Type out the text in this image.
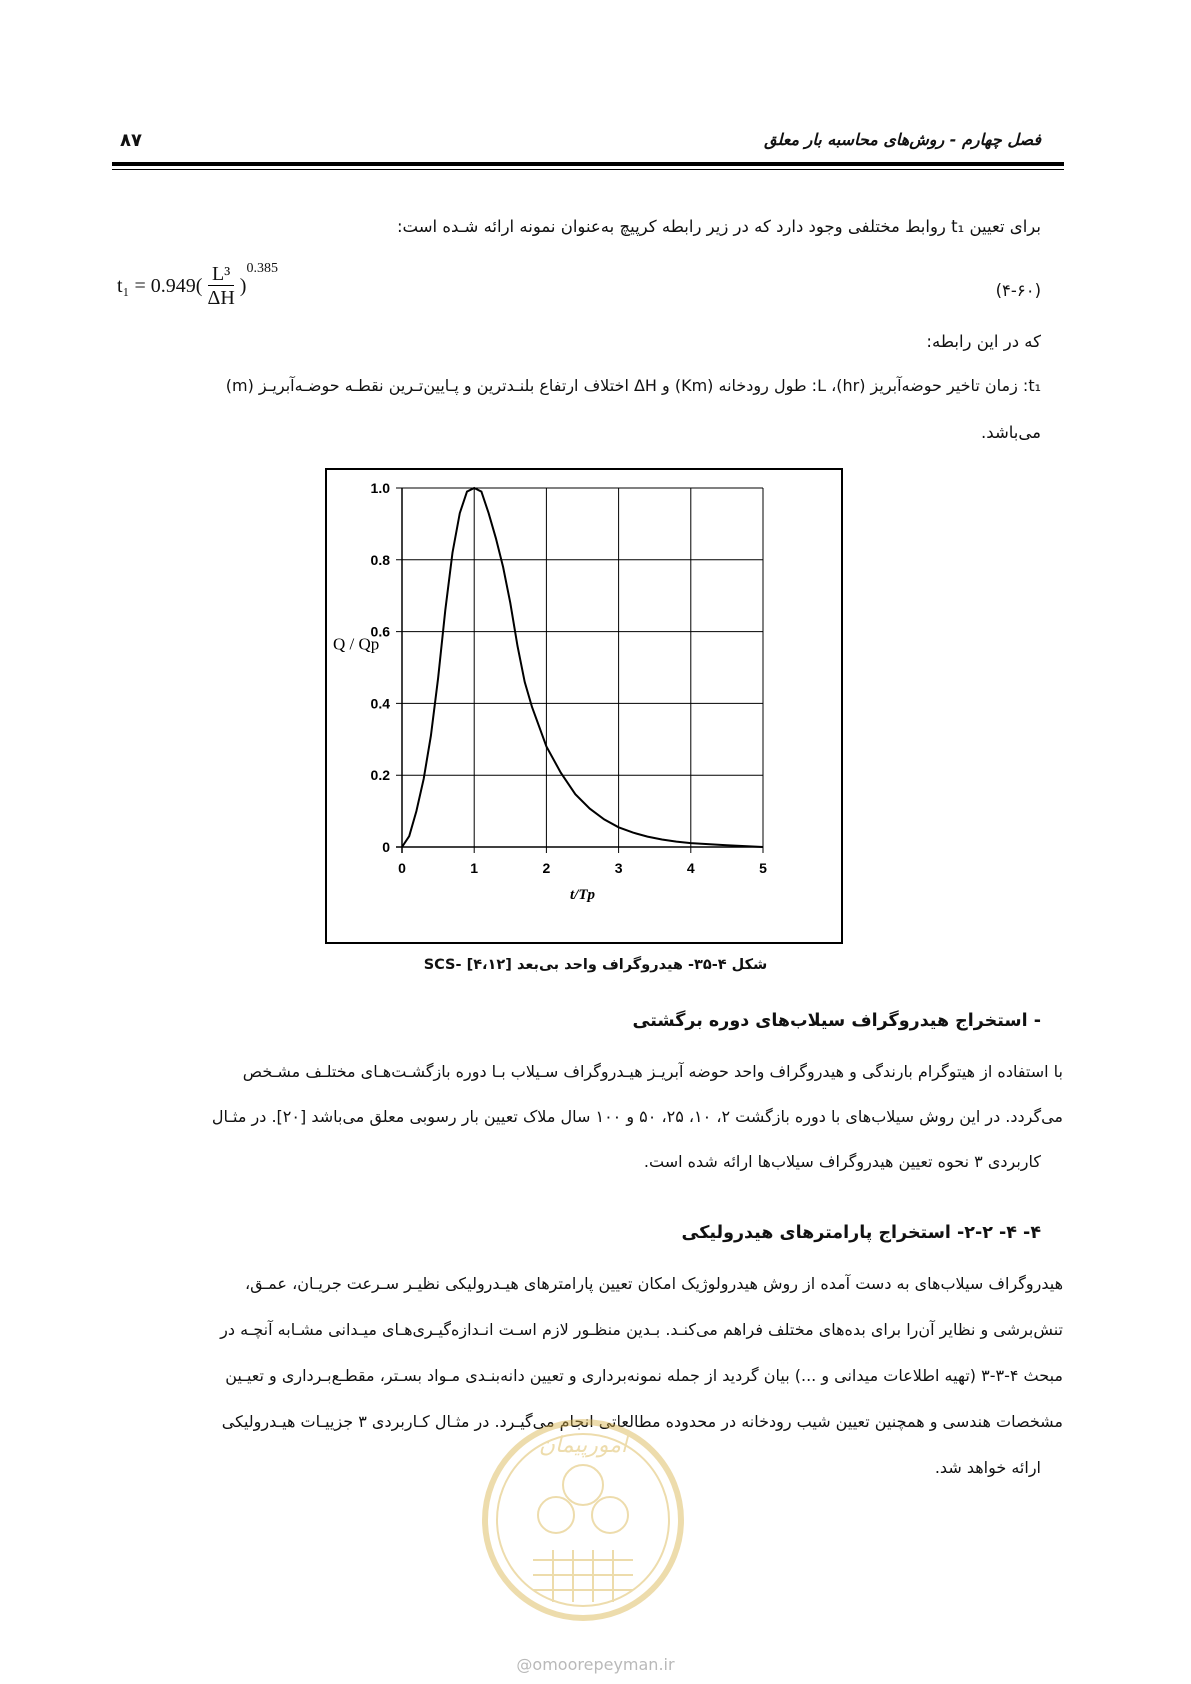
فصل چهارم - روش‌های محاسبه بار معلق
۸۷
برای تعیین t₁ روابط مختلفی وجود دارد که در زیر رابطه کرپیچ به‌عنوان نمونه ارائه شـده است:
$t_1 = 0.949( \frac{\text{L³}}{\Delta H}$ )
$^{0.385}$
(۴-۶۰)
که در این رابطه:
t₁: زمان تاخیر حوضه‌آبریز (hr)، L: طول رودخانه (Km) و ΔH اختلاف ارتفاع بلنـدترین و پـایین‌تـرین نقطـه حوضـه‌آبریـز (m)
می‌باشد.
0
0.2
0.4
0.6
0.8
1.0
0	1	2	3	4	5
Q / Qp
t/Tp
شکل ۴-۳۵- هیدروگراف واحد بی‌بعد SCS- [۴،۱۲]
- استخراج هیدروگراف سیلاب‌های دوره برگشتی
با استفاده از هیتوگرام بارندگی و هیدروگراف واحد حوضه آبریـز هیـدروگراف سـیلاب بـا دوره بازگشـت‌هـای مختلـف مشـخص
می‌گردد. در این روش سیلاب‌های با دوره بازگشت ۲، ۱۰، ۲۵، ۵۰ و ۱۰۰ سال ملاک تعیین بار رسوبی معلق می‌باشد [۲۰]. در مثـال
کاربردی ۳ نحوه تعیین هیدروگراف سیلاب‌ها ارائه شده است.
۴- ۴- ۲-۲- استخراج پارامترهای هیدرولیکی
هیدروگراف سیلاب‌های به دست آمده از روش هیدرولوژیک امکان تعیین پارامترهای هیـدرولیکی نظیـر سـرعت جریـان، عمـق،
تنش‌برشی و نظایر آن‌را برای بده‌های مختلف فراهم می‌کنـد. بـدین منظـور لازم اسـت انـدازه‌گیـری‌هـای میـدانی مشـابه آنچـه در
مبحث ۴-۳-۳ (تهیه اطلاعات میدانی و ...) بیان گردید از جمله نمونه‌برداری و تعیین دانه‌بنـدی مـواد بسـتر، مقطـع‌بـرداری و تعیـین
مشخصات هندسی و همچنین تعیین شیب رودخانه در محدوده مطالعاتی انجام می‌گیـرد. در مثـال کـاربردی ۳ جزییـات هیـدرولیکی
ارائه خواهد شد.
امورپیمان
@omoorepeyman.ir
